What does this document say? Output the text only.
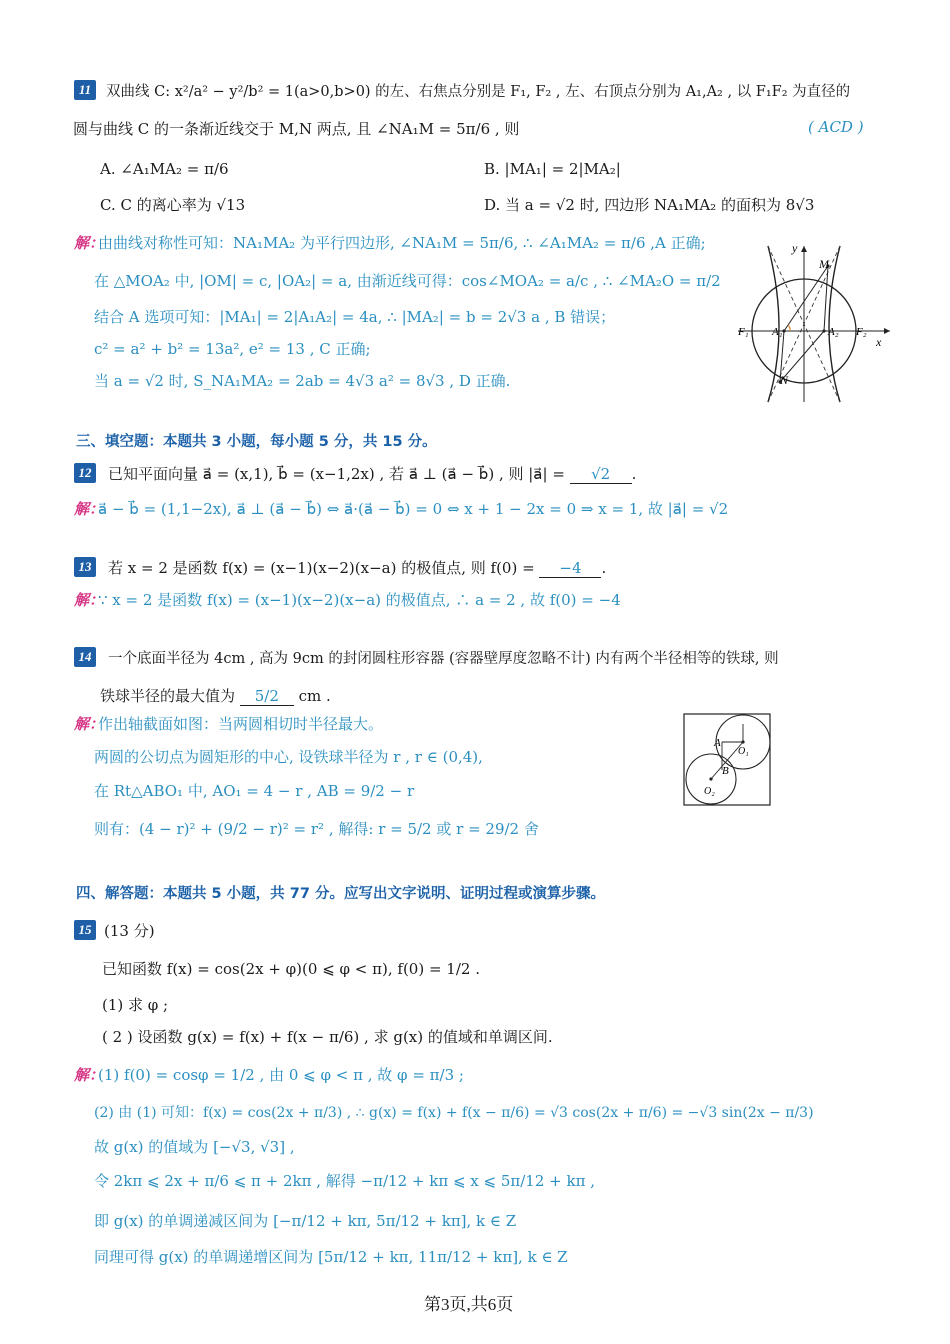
11	双曲线 C: x²/a² − y²/b² = 1(a>0,b>0) 的左、右焦点分别是 F₁, F₂ , 左、右顶点分别为 A₁,A₂ , 以 F₁F₂ 为直径的
圆与曲线 C 的一条渐近线交于 M,N 两点, 且 ∠NA₁M = 5π/6 , 则	( ACD )
A. ∠A₁MA₂ = π/6	B. |MA₁| = 2|MA₂|
C. C 的离心率为 √13	D. 当 a = √2 时, 四边形 NA₁MA₂ 的面积为 8√3
解：
由曲线对称性可知：NA₁MA₂ 为平行四边形, ∠NA₁M = 5π/6, ∴ ∠A₁MA₂ = π/6 ,A 正确;
在 △MOA₂ 中, |OM| = c, |OA₂| = a, 由渐近线可得：cos∠MOA₂ = a/c , ∴ ∠MA₂O = π/2
结合 A 选项可知：|MA₁| = 2|A₁A₂| = 4a, ∴ |MA₂| = b = 2√3 a , B 错误；
c² = a² + b² = 13a², e² = 13 , C 正确;
当 a = √2 时, S_NA₁MA₂ = 2ab = 4√3 a² = 8√3 , D 正确.
y
x
M
N
F₁	F₂
A₁	A₂
三、填空题：本题共 3 小题，每小题 5 分，共 15 分。
12	已知平面向量 a⃗ = (x,1), b⃗ = (x−1,2x) , 若 a⃗ ⊥ (a⃗ − b⃗) , 则 |a⃗| = √2 .
解：
a⃗ − b⃗ = (1,1−2x), a⃗ ⊥ (a⃗ − b⃗) ⇔ a⃗·(a⃗ − b⃗) = 0 ⇔ x + 1 − 2x = 0 ⇒ x = 1, 故 |a⃗| = √2
13	若 x = 2 是函数 f(x) = (x−1)(x−2)(x−a) 的极值点, 则 f(0) = −4 .
解：
∵ x = 2 是函数 f(x) = (x−1)(x−2)(x−a) 的极值点, ∴ a = 2 , 故 f(0) = −4
14	一个底面半径为 4cm , 高为 9cm 的封闭圆柱形容器 (容器壁厚度忽略不计) 内有两个半径相等的铁球, 则
铁球半径的最大值为 5/2 cm .
解：
作出轴截面如图：当两圆相切时半径最大。
两圆的公切点为圆矩形的中心, 设铁球半径为 r , r ∈ (0,4),
在 Rt△ABO₁ 中, AO₁ = 4 − r , AB = 9/2 − r
则有：(4 − r)² + (9/2 − r)² = r² , 解得: r = 5/2 或 r = 29/2 舍
A
B
O₁
O₂
四、解答题：本题共 5 小题，共 77 分。应写出文字说明、证明过程或演算步骤。
15 (13 分)
已知函数 f(x) = cos(2x + φ)(0 ⩽ φ < π), f(0) = 1/2 .
(1) 求 φ ;
( 2 ) 设函数 g(x) = f(x) + f(x − π/6) , 求 g(x) 的值域和单调区间.
解：
(1) f(0) = cosφ = 1/2 , 由 0 ⩽ φ < π , 故 φ = π/3 ;
(2) 由 (1) 可知：f(x) = cos(2x + π/3) , ∴ g(x) = f(x) + f(x − π/6) = √3 cos(2x + π/6) = −√3 sin(2x − π/3)
故 g(x) 的值域为 [−√3, √3] ,
令 2kπ ⩽ 2x + π/6 ⩽ π + 2kπ , 解得 −π/12 + kπ ⩽ x ⩽ 5π/12 + kπ ,
即 g(x) 的单调递减区间为 [−π/12 + kπ, 5π/12 + kπ], k ∈ Z
同理可得 g(x) 的单调递增区间为 [5π/12 + kπ, 11π/12 + kπ], k ∈ Z
第3页,共6页
